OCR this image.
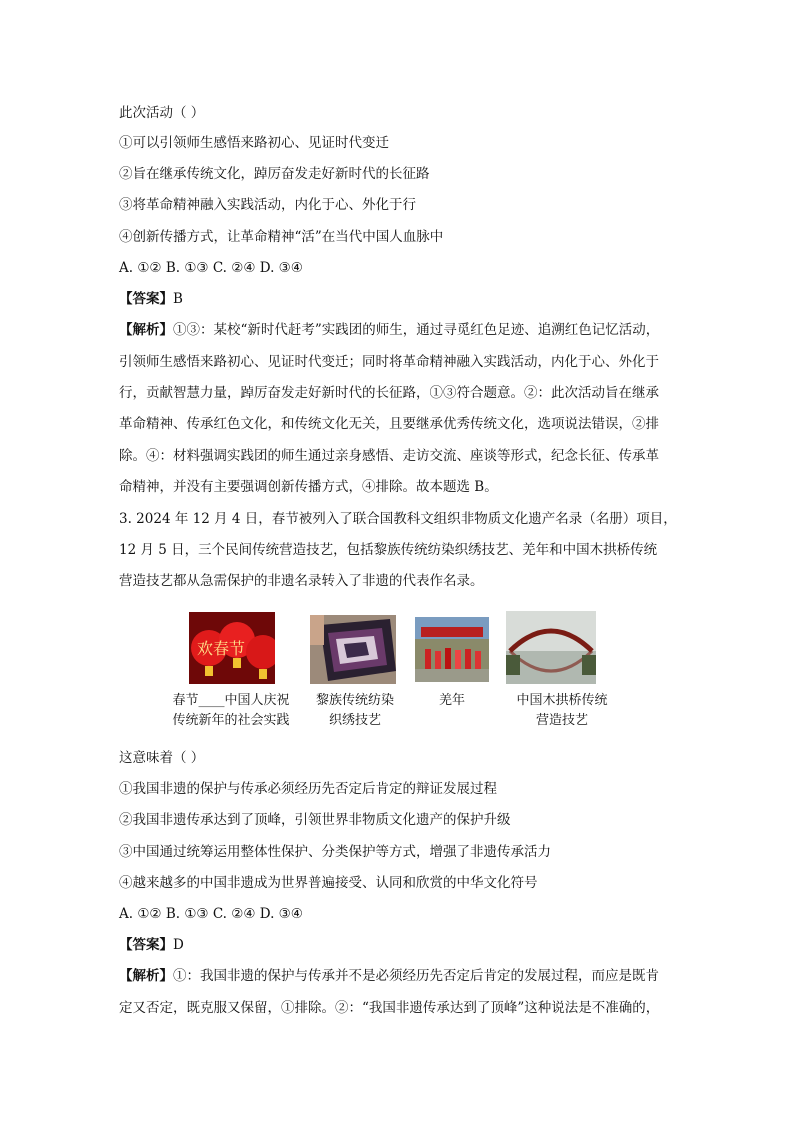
此次活动（ ）
①可以引领师生感悟来路初心、见证时代变迁
②旨在继承传统文化，踔厉奋发走好新时代的长征路
③将革命精神融入实践活动，内化于心、外化于行
④创新传播方式，让革命精神“活”在当代中国人血脉中
A. ①② B. ①③ C. ②④ D. ③④
【答案】B
【解析】①③：某校“新时代赶考”实践团的师生，通过寻觅红色足迹、追溯红色记忆活动，
引领师生感悟来路初心、见证时代变迁；同时将革命精神融入实践活动，内化于心、外化于
行，贡献智慧力量，踔厉奋发走好新时代的长征路，①③符合题意。②：此次活动旨在继承
革命精神、传承红色文化，和传统文化无关，且要继承优秀传统文化，选项说法错误，②排
除。④：材料强调实践团的师生通过亲身感悟、走访交流、座谈等形式，纪念长征、传承革
命精神，并没有主要强调创新传播方式，④排除。故本题选 B。
3. 2024 年 12 月 4 日，春节被列入了联合国教科文组织非物质文化遗产名录（名册）项目，
12 月 5 日，三个民间传统营造技艺，包括黎族传统纺染织绣技艺、羌年和中国木拱桥传统
营造技艺都从急需保护的非遗名录转入了非遗的代表作名录。
欢春节
春节____中国人庆祝
传统新年的社会实践
黎族传统纺染
织绣技艺
羌年	中国木拱桥传统
营造技艺
这意味着（ ）
①我国非遗的保护与传承必须经历先否定后肯定的辩证发展过程
②我国非遗传承达到了顶峰，引领世界非物质文化遗产的保护升级
③中国通过统筹运用整体性保护、分类保护等方式，增强了非遗传承活力
④越来越多的中国非遗成为世界普遍接受、认同和欣赏的中华文化符号
A. ①② B. ①③ C. ②④ D. ③④
【答案】D
【解析】①：我国非遗的保护与传承并不是必须经历先否定后肯定的发展过程，而应是既肯
定又否定，既克服又保留，①排除。②：“我国非遗传承达到了顶峰”这种说法是不准确的，
